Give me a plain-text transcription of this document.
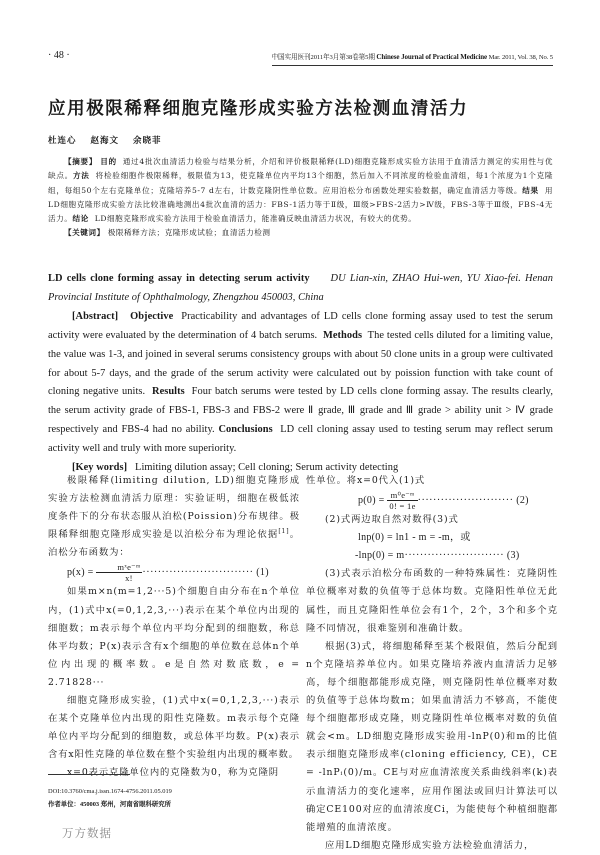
· 48 ·	中国实用医刊2011年3月第38卷第5期 Chinese Journal of Practical Medicine Mar. 2011, Vol. 38, No. 5
应用极限稀释细胞克隆形成实验方法检测血清活力
杜连心 赵海文 余晓菲

【摘要】 目的 通过4批次血清活力检验与结果分析，介绍和评价极限稀释(LD)细胞克隆形成实验方法用于血清活力测定的实用性与优缺点。方法 将检验细胞作极限稀释，极限值为13，使克隆单位内平均13个细胞，然后加入不同浓度的检验血清组，每1个浓度为1个克隆组，每组50个左右克隆单位；克隆培养5-7 d左右，计数克隆阴性单位数。应用泊松分布函数处理实验数据，确定血清活力等级。结果 用LD细胞克隆形成实验方法比较准确地测出4批次血清的活力：FBS-1活力等于Ⅱ级，Ⅲ级>FBS-2活力>Ⅳ级，FBS-3等于Ⅲ级，FBS-4无活力。结论 LD细胞克隆形成实验方法用于检验血清活力，能准确反映血清活力状况，有较大的优势。

【关键词】 极限稀释方法；克隆形成试验；血清活力检测

LD cells clone forming assay in detecting serum activity DU Lian-xin, ZHAO Hui-wen, YU Xiao-fei. Henan Provincial Institute of Ophthalmology, Zhengzhou 450003, China

[Abstract] Objective Practicability and advantages of LD cells clone forming assay used to test the serum activity were evaluated by the determination of 4 batch serums. Methods The tested cells diluted for a limiting value, the value was 1-3, and joined in several serums consistency groups with about 50 clone units in a group were cultivated for about 5-7 days, and the grade of the serum activity were calculated out by poission function with take count of cloning negative units. Results Four batch serums were tested by LD cells clone forming assay. The results clearly, the serum activity grade of FBS-1, FBS-3 and FBS-2 were Ⅱ grade, Ⅲ grade and Ⅲ grade > ability unit > Ⅳ grade respectively and FBS-4 had no ability. Conclusions LD cell cloning assay used to testing serum may reflect serum activity well and truly with more superiority.

[Key words] Limiting dilution assay; Cell cloning; Serum activity detecting

极限稀释(limiting dilution, LD)细胞克隆形成实验方法检测血清活力原理：实验证明，细胞在极低浓度条件下的分布状态服从泊松(Poission)分布规律。极限稀释细胞克隆形成实验是以泊松分布为理论依据[1]。泊松分布函数为：

$p(x) = \frac{\text{mˣe⁻ᵐ}}{x!}$ ····························· (1)

如果m×n(m=1,2···5)个细胞自由分布在n个单位内，(1)式中x(=0,1,2,3,···)表示在某个单位内出现的细胞数；m表示每个单位内平均分配到的细胞数，称总体平均数；P(x)表示含有x个细胞的单位数在总体n个单位内出现的概率数。e是自然对数底数，e = 2.71828···

细胞克隆形成实验，(1)式中x(=0,1,2,3,···)表示在某个克隆单位内出现的阳性克隆数。m表示每个克隆单位内平均分配到的细胞数，或总体平均数。P(x)表示含有x阳性克隆的单位数在整个实验组内出现的概率数。

x=0表示克隆单位内的克隆数为0，称为克隆阴

性单位。将x=0代入(1)式

$p(0) = \frac{\text{m⁰e⁻ᵐ}}{0! = 1e}$ ························· (2)

(2)式两边取自然对数得(3)式

lnp(0) = ln1 - m = -m，或

-lnp(0) = m·························· (3)

(3)式表示泊松分布函数的一种特殊属性：克隆阴性单位概率对数的负值等于总体均数。克隆阳性单位无此属性，而且克隆阳性单位会有1个，2个，3个和多个克隆不同情况，很难鉴别和准确计数。

根据(3)式，将细胞稀释至某个极限值，然后分配到n个克隆培养单位内。如果克隆培养液内血清活力足够高，每个细胞都能形成克隆，则克隆阴性单位概率对数的负值等于总体均数m；如果血清活力不够高，不能使每个细胞都形成克隆，则克隆阴性单位概率对数的负值就会<m。LD细胞克隆形成实验用-lnP(0)和m的比值表示细胞克隆形成率(cloning efficiency, CE)，CE = -lnPᵢ(0)/m。CE与对应血清浓度关系曲线斜率(k)表示血清活力的变化速率，应用作图法或回归计算法可以确定CE100对应的血清浓度Ci，为能使每个种植细胞都能增殖的血清浓度。

应用LD细胞克隆形成实验方法检验血清活力，

DOI:10.3760/cma.j.issn.1674-4756.2011.05.019
作者单位：450003 郑州，河南省眼科研究所
万方数据
